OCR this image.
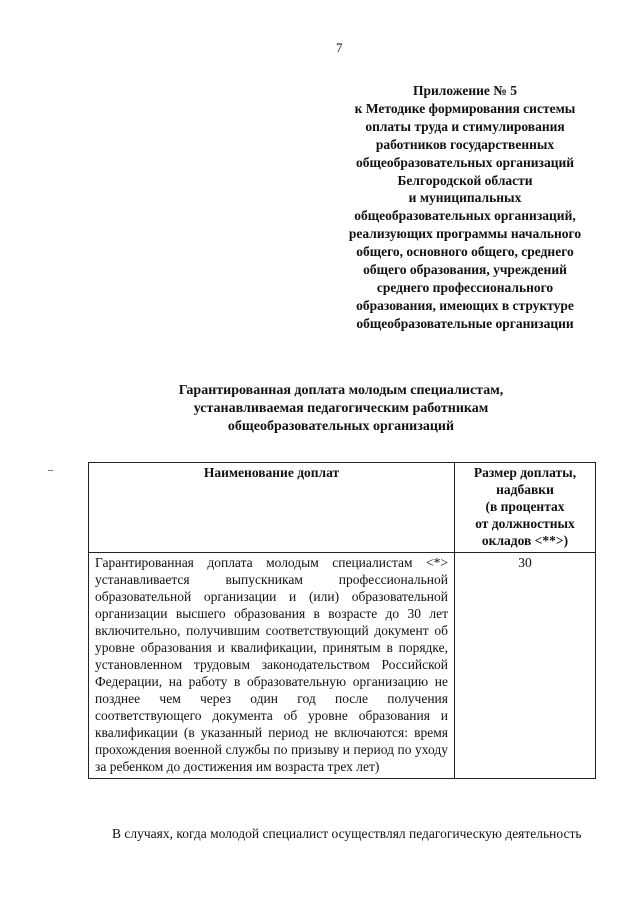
7
Приложение № 5
к Методике формирования системы
оплаты труда и стимулирования
работников государственных
общеобразовательных организаций
Белгородской области
и муниципальных
общеобразовательных организаций,
реализующих программы начального
общего, основного общего, среднего
общего образования, учреждений
среднего профессионального
образования, имеющих в структуре
общеобразовательные организации
Гарантированная доплата молодым специалистам,
устанавливаемая педагогическим работникам
общеобразовательных организаций
Наименование доплат	Размер доплаты,
надбавки
(в процентах
от должностных
окладов <**>)

Гарантированная доплата молодым специалистам <*> устанавливается выпускникам профессиональной образовательной организации и (или) образовательной организации высшего образования в возрасте до 30 лет включительно, получившим соответствующий документ об уровне образования и квалификации, принятым в порядке, установленном трудовым законодательством Российской Федерации, на работу в образовательную организацию не позднее чем через один год после получения соответствующего документа об уровне образования и квалификации (в указанный период не включаются: время прохождения военной службы по призыву и период по уходу за ребенком до достижения им возраста трех лет)	30
В случаях, когда молодой специалист осуществлял педагогическую деятельность
